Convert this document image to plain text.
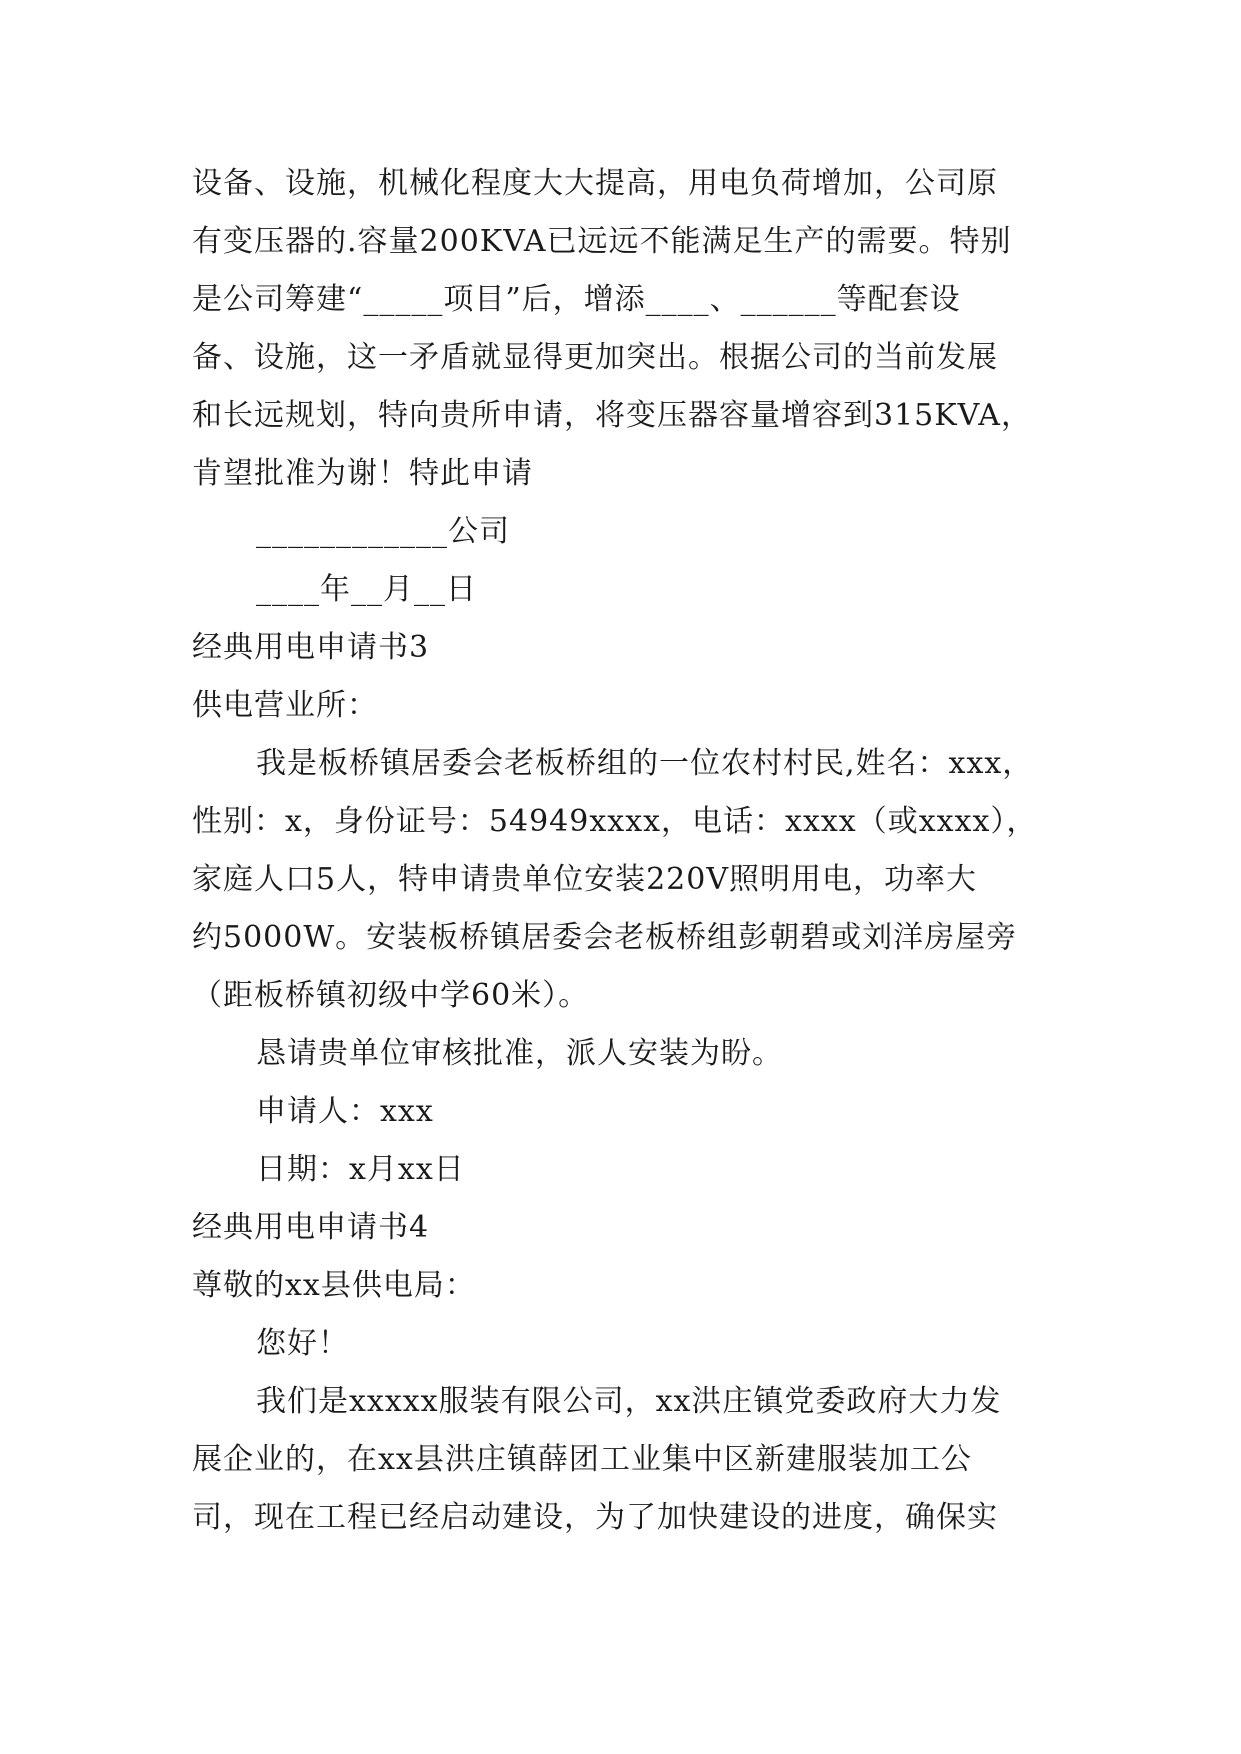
设备、设施，机械化程度大大提高，用电负荷增加，公司原
有变压器的.容量200KVA已远远不能满足生产的需要。特别
是公司筹建“_____项目”后，增添____、______等配套设
备、设施，这一矛盾就显得更加突出。根据公司的当前发展
和长远规划，特向贵所申请，将变压器容量增容到315KVA，
肯望批准为谢！特此申请
____________公司
____年__月__日
经典用电申请书3
供电营业所：
我是板桥镇居委会老板桥组的一位农村村民,姓名：xxx，
性别：x，身份证号：54949xxxx，电话：xxxx（或xxxx），
家庭人口5人，特申请贵单位安装220V照明用电，功率大
约5000W。安装板桥镇居委会老板桥组彭朝碧或刘洋房屋旁
（距板桥镇初级中学60米）。
恳请贵单位审核批准，派人安装为盼。
申请人：xxx
日期：x月xx日
经典用电申请书4
尊敬的xx县供电局：
您好！
我们是xxxxx服装有限公司，xx洪庄镇党委政府大力发
展企业的，在xx县洪庄镇薛团工业集中区新建服装加工公
司，现在工程已经启动建设，为了加快建设的进度，确保实
